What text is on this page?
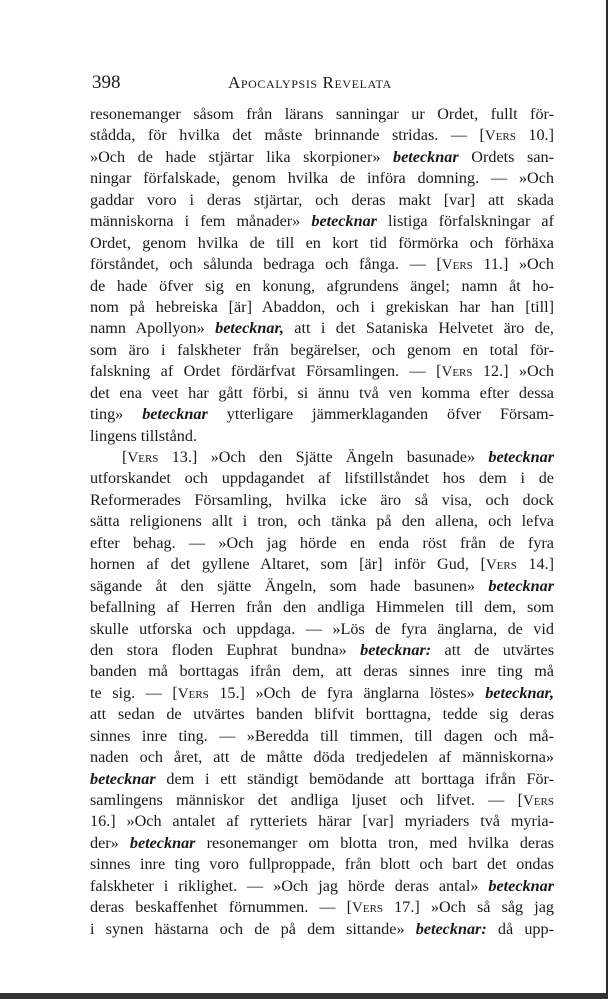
398	Apocalypsis Revelata
resonemanger såsom från lärans sanningar ur Ordet, fullt för-
stådda, för hvilka det måste brinnande stridas. — [Vers 10.]
»Och de hade stjärtar lika skorpioner» betecknar Ordets san-
ningar förfalskade, genom hvilka de införa domning. — »Och
gaddar voro i deras stjärtar, och deras makt [var] att skada
människorna i fem månader» betecknar listiga förfalskningar af
Ordet, genom hvilka de till en kort tid förmörka och förhäxa
förståndet, och sålunda bedraga och fånga. — [Vers 11.] »Och
de hade öfver sig en konung, afgrundens ängel; namn åt ho-
nom på hebreiska [är] Abaddon, och i grekiskan har han [till]
namn Apollyon» betecknar, att i det Sataniska Helvetet äro de,
som äro i falskheter från begärelser, och genom en total för-
falskning af Ordet fördärfvat Församlingen. — [Vers 12.] »Och
det ena veet har gått förbi, si ännu två ven komma efter dessa
ting» betecknar ytterligare jämmerklaganden öfver Försam-
lingens tillstånd.
[Vers 13.] »Och den Sjätte Ängeln basunade» betecknar
utforskandet och uppdagandet af lifstillståndet hos dem i de
Reformerades Församling, hvilka icke äro så visa, och dock
sätta religionens allt i tron, och tänka på den allena, och lefva
efter behag. — »Och jag hörde en enda röst från de fyra
hornen af det gyllene Altaret, som [är] inför Gud, [Vers 14.]
sägande åt den sjätte Ängeln, som hade basunen» betecknar
befallning af Herren från den andliga Himmelen till dem, som
skulle utforska och uppdaga. — »Lös de fyra änglarna, de vid
den stora floden Euphrat bundna» betecknar: att de utvärtes
banden må borttagas ifrån dem, att deras sinnes inre ting må
te sig. — [Vers 15.] »Och de fyra änglarna löstes» betecknar,
att sedan de utvärtes banden blifvit borttagna, tedde sig deras
sinnes inre ting. — »Beredda till timmen, till dagen och må-
naden och året, att de måtte döda tredjedelen af människorna»
betecknar dem i ett ständigt bemödande att borttaga ifrån För-
samlingens människor det andliga ljuset och lifvet. — [Vers
16.] »Och antalet af rytteriets härar [var] myriaders två myria-
der» betecknar resonemanger om blotta tron, med hvilka deras
sinnes inre ting voro fullproppade, från blott och bart det ondas
falskheter i riklighet. — »Och jag hörde deras antal» betecknar
deras beskaffenhet förnummen. — [Vers 17.] »Och så såg jag
i synen hästarna och de på dem sittande» betecknar: då upp-
